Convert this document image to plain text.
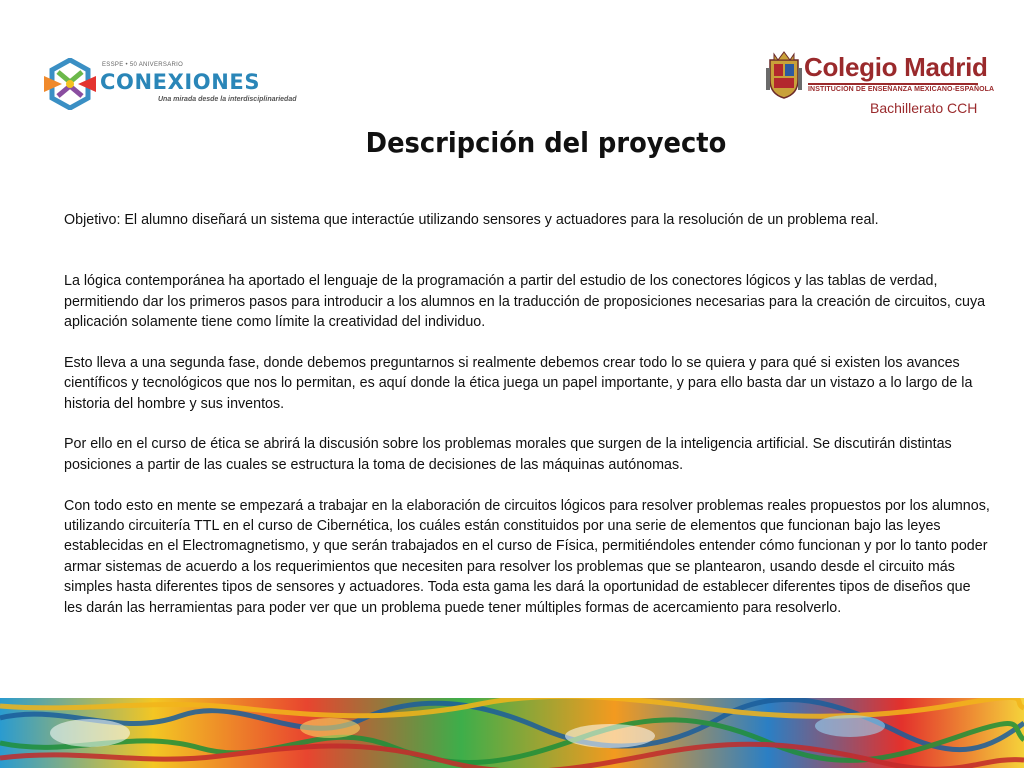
ESSPE • 50 ANIVERSARIO
CONEXIONES
Una mirada desde la interdisciplinariedad
Colegio Madrid
INSTITUCIÓN DE ENSEÑANZA MEXICANO-ESPAÑOLA
Bachillerato CCH
Descripción del proyecto

Objetivo: El alumno diseñará un sistema que interactúe utilizando sensores y actuadores para la resolución de un problema real.

La lógica contemporánea ha aportado el lenguaje de la programación a partir del estudio de los conectores lógicos y las tablas de verdad, permitiendo dar los primeros pasos para introducir a los alumnos en la traducción de proposiciones necesarias para la creación de circuitos, cuya aplicación solamente tiene como límite la creatividad del individuo.

Esto lleva a una segunda fase, donde debemos preguntarnos si realmente debemos crear todo lo se quiera y para qué si existen los avances científicos y tecnológicos que nos lo permitan, es aquí donde la ética juega un papel importante, y para ello basta dar un vistazo a lo largo de la historia del hombre y sus inventos.

Por ello en el curso de ética se abrirá la discusión sobre los problemas morales que surgen de la inteligencia artificial. Se discutirán distintas posiciones a partir de las cuales se estructura la toma de decisiones de las máquinas autónomas.

Con todo esto en mente se empezará a trabajar en la elaboración de circuitos lógicos para resolver problemas reales propuestos por los alumnos, utilizando circuitería TTL en el curso de Cibernética, los cuáles están constituidos por una serie de elementos que funcionan bajo las leyes establecidas en el Electromagnetismo, y que serán trabajados en el curso de Física, permitiéndoles entender cómo funcionan y por lo tanto poder armar sistemas de acuerdo a los requerimientos que necesiten para resolver los problemas que se plantearon, usando desde el circuito más simples hasta diferentes tipos de sensores y actuadores. Toda esta gama les dará la oportunidad de establecer diferentes tipos de diseños que les darán las herramientas para poder ver que un problema puede tener múltiples formas de acercamiento para resolverlo.
